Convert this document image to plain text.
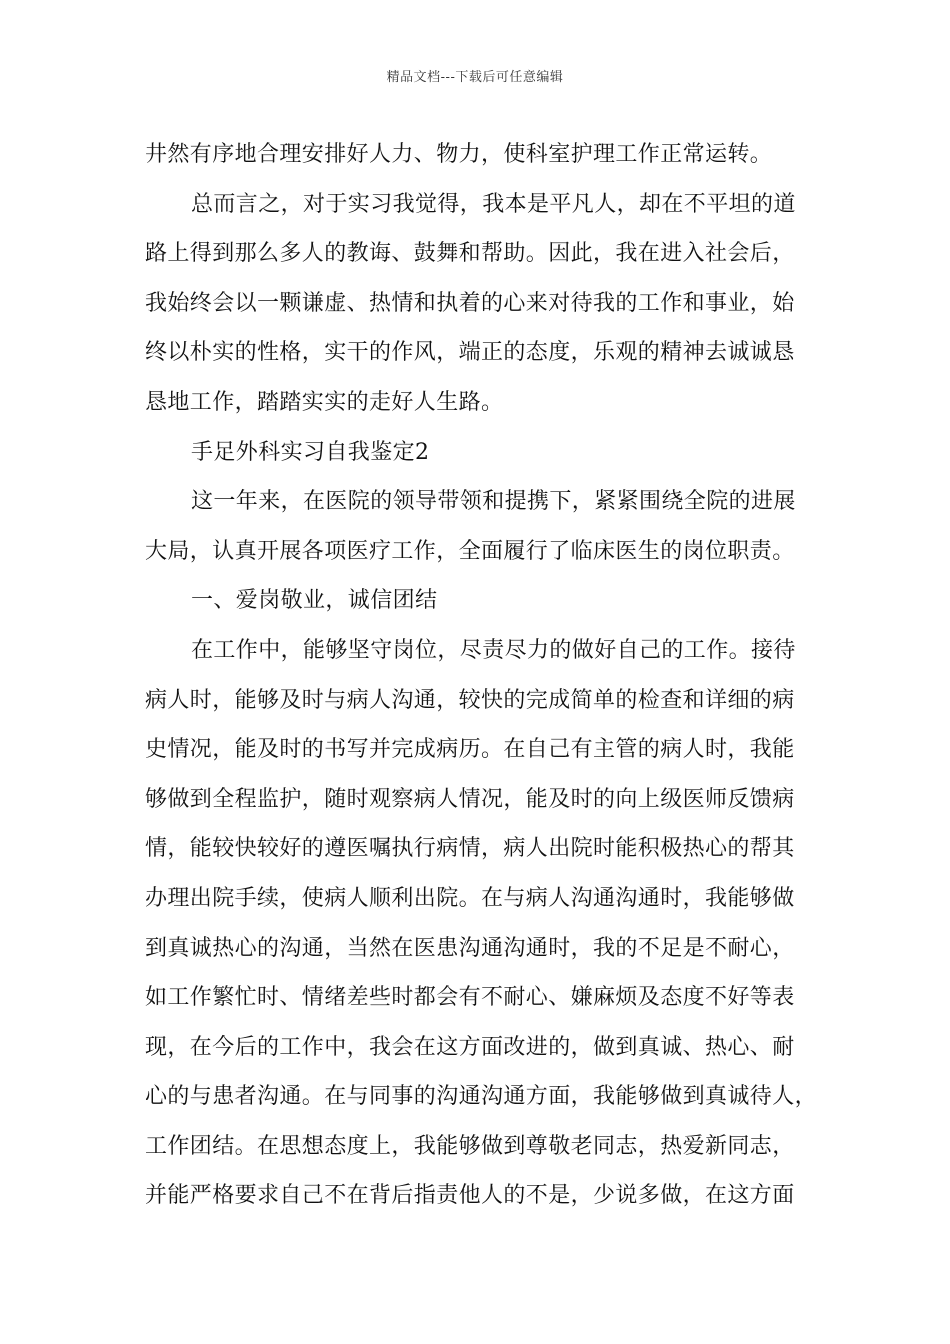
精品文档---下载后可任意编辑
井然有序地合理安排好人力、物力，使科室护理工作正常运转。
总而言之，对于实习我觉得，我本是平凡人，却在不平坦的道
路上得到那么多人的教诲、鼓舞和帮助。因此，我在进入社会后，
我始终会以一颗谦虚、热情和执着的心来对待我的工作和事业，始
终以朴实的性格，实干的作风，端正的态度，乐观的精神去诚诚恳
恳地工作，踏踏实实的走好人生路。
手足外科实习自我鉴定2
这一年来，在医院的领导带领和提携下，紧紧围绕全院的进展
大局，认真开展各项医疗工作，全面履行了临床医生的岗位职责。
一、爱岗敬业，诚信团结
在工作中，能够坚守岗位，尽责尽力的做好自己的工作。接待
病人时，能够及时与病人沟通，较快的完成简单的检查和详细的病
史情况，能及时的书写并完成病历。在自己有主管的病人时，我能
够做到全程监护，随时观察病人情况，能及时的向上级医师反馈病
情，能较快较好的遵医嘱执行病情，病人出院时能积极热心的帮其
办理出院手续，使病人顺利出院。在与病人沟通沟通时，我能够做
到真诚热心的沟通，当然在医患沟通沟通时，我的不足是不耐心，
如工作繁忙时、情绪差些时都会有不耐心、嫌麻烦及态度不好等表
现，在今后的工作中，我会在这方面改进的，做到真诚、热心、耐
心的与患者沟通。在与同事的沟通沟通方面，我能够做到真诚待人，
工作团结。在思想态度上，我能够做到尊敬老同志，热爱新同志，
并能严格要求自己不在背后指责他人的不是，少说多做，在这方面
